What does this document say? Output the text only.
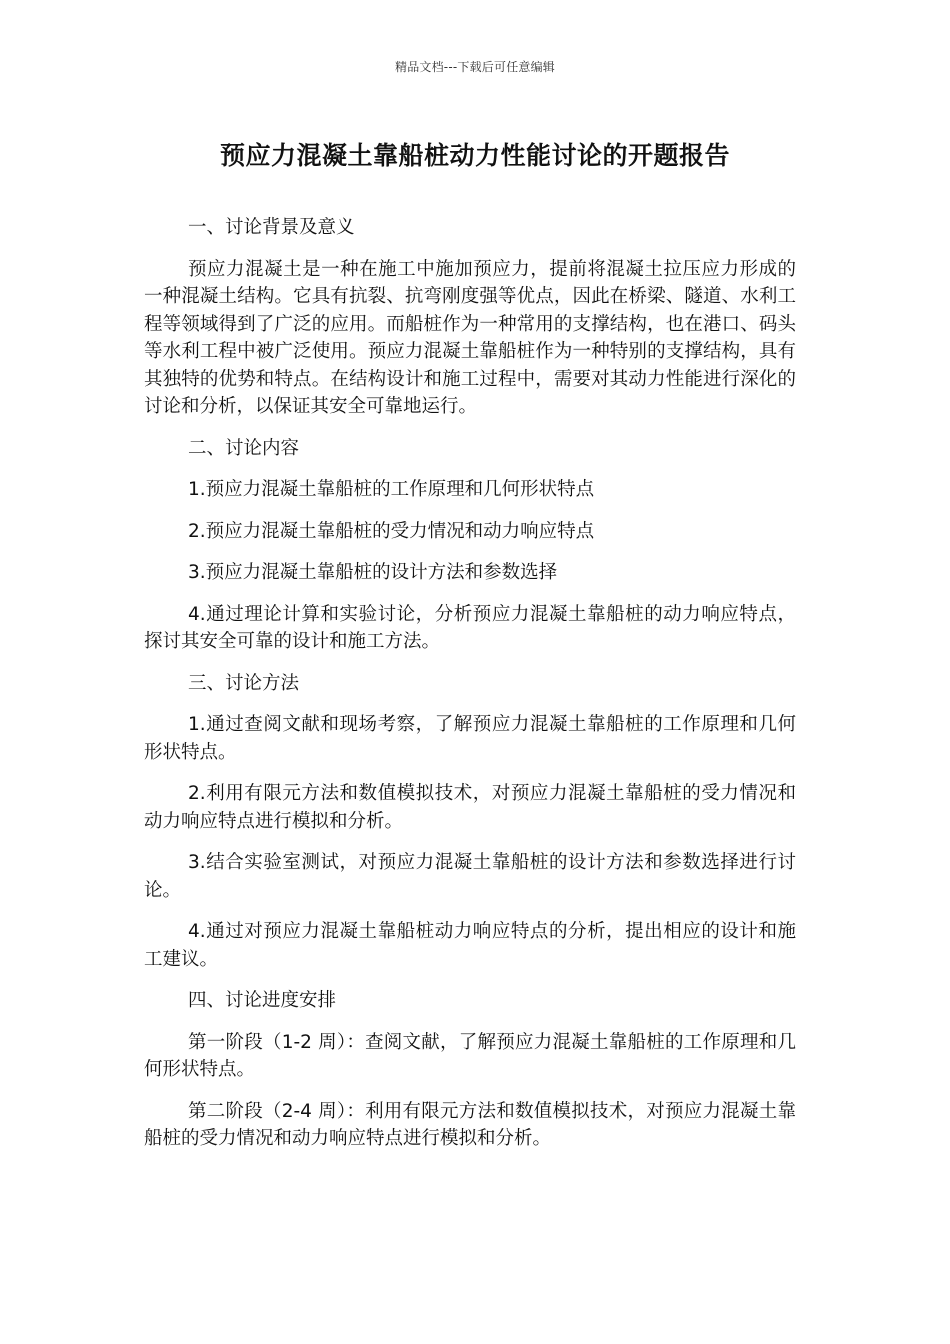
精品文档---下载后可任意编辑
预应力混凝土靠船桩动力性能讨论的开题报告

一、讨论背景及意义

预应力混凝土是一种在施工中施加预应力，提前将混凝土拉压应力形成的一种混凝土结构。它具有抗裂、抗弯刚度强等优点，因此在桥梁、隧道、水利工程等领域得到了广泛的应用。而船桩作为一种常用的支撑结构，也在港口、码头等水利工程中被广泛使用。预应力混凝土靠船桩作为一种特别的支撑结构，具有其独特的优势和特点。在结构设计和施工过程中，需要对其动力性能进行深化的讨论和分析，以保证其安全可靠地运行。

二、讨论内容

1.预应力混凝土靠船桩的工作原理和几何形状特点

2.预应力混凝土靠船桩的受力情况和动力响应特点

3.预应力混凝土靠船桩的设计方法和参数选择

4.通过理论计算和实验讨论，分析预应力混凝土靠船桩的动力响应特点，探讨其安全可靠的设计和施工方法。

三、讨论方法

1.通过查阅文献和现场考察，了解预应力混凝土靠船桩的工作原理和几何形状特点。

2.利用有限元方法和数值模拟技术，对预应力混凝土靠船桩的受力情况和动力响应特点进行模拟和分析。

3.结合实验室测试，对预应力混凝土靠船桩的设计方法和参数选择进行讨论。

4.通过对预应力混凝土靠船桩动力响应特点的分析，提出相应的设计和施工建议。

四、讨论进度安排

第一阶段（1-2 周）：查阅文献，了解预应力混凝土靠船桩的工作原理和几何形状特点。

第二阶段（2-4 周）：利用有限元方法和数值模拟技术，对预应力混凝土靠船桩的受力情况和动力响应特点进行模拟和分析。
